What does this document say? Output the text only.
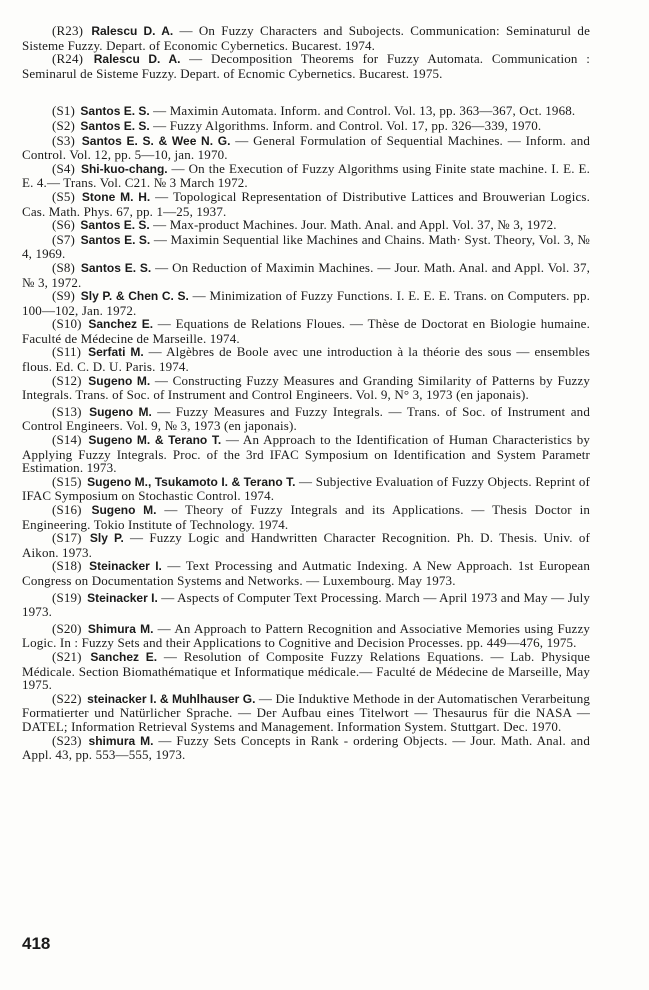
(R23) Ralescu D. A. — On Fuzzy Characters and Subojects. Communication: Seminaturul de Sisteme Fuzzy. Depart. of Economic Cybernetics. Bucarest. 1974.

(R24) Ralescu D. A. — Decomposition Theorems for Fuzzy Automata. Communication : Seminarul de Sisteme Fuzzy. Depart. of Ecnomic Cybernetics. Bucarest. 1975.

(S1) Santos E. S. — Maximin Automata. Inform. and Control. Vol. 13, pp. 363—367, Oct. 1968.

(S2) Santos E. S. — Fuzzy Algorithms. Inform. and Control. Vol. 17, pp. 326—339, 1970.

(S3) Santos E. S. & Wee N. G. — General Formulation of Sequential Machines. — Inform. and Control. Vol. 12, pp. 5—10, jan. 1970.

(S4) Shi-kuo-chang. — On the Execution of Fuzzy Algorithms using Finite state machine. I. E. E. E. 4.— Trans. Vol. C21. № 3 March 1972.

(S5) Stone M. H. — Topological Representation of Distributive Lattices and Brouwerian Logics. Cas. Math. Phys. 67, pp. 1—25, 1937.

(S6) Santos E. S. — Max-product Machines. Jour. Math. Anal. and Appl. Vol. 37, № 3, 1972.

(S7) Santos E. S. — Maximin Sequential like Machines and Chains. Math· Syst. Theory, Vol. 3, № 4, 1969.

(S8) Santos E. S. — On Reduction of Maximin Machines. — Jour. Math. Anal. and Appl. Vol. 37, № 3, 1972.

(S9) Sly P. & Chen C. S. — Minimization of Fuzzy Functions. I. E. E. E. Trans. on Computers. pp. 100—102, Jan. 1972.

(S10) Sanchez E. — Equations de Relations Floues. — Thèse de Doctorat en Biologie humaine. Faculté de Médecine de Marseille. 1974.

(S11) Serfati M. — Algèbres de Boole avec une introduction à la théorie des sous — ensembles flous. Ed. C. D. U. Paris. 1974.

(S12) Sugeno M. — Constructing Fuzzy Measures and Granding Similarity of Patterns by Fuzzy Integrals. Trans. of Soc. of Instrument and Control Engineers. Vol. 9, N° 3, 1973 (en japonais).

(S13) Sugeno M. — Fuzzy Measures and Fuzzy Integrals. — Trans. of Soc. of Instrument and Control Engineers. Vol. 9, № 3, 1973 (en japonais).

(S14) Sugeno M. & Terano T. — An Approach to the Identification of Human Characteristics by Applying Fuzzy Integrals. Proc. of the 3rd IFAC Symposium on Identification and System Parametr Estimation. 1973.

(S15) Sugeno M., Tsukamoto I. & Terano T. — Subjective Evaluation of Fuzzy Objects. Reprint of IFAC Symposium on Stochastic Control. 1974.

(S16) Sugeno M. — Theory of Fuzzy Integrals and its Applications. — Thesis Doctor in Engineering. Tokio Institute of Technology. 1974.

(S17) Sly P. — Fuzzy Logic and Handwritten Character Recognition. Ph. D. Thesis. Univ. of Aikon. 1973.

(S18) Steinacker I. — Text Processing and Autmatic Indexing. A New Approach. 1st European Congress on Documentation Systems and Networks. — Luxembourg. May 1973.

(S19) Steinacker I. — Aspects of Computer Text Processing. March — April 1973 and May — July 1973.

(S20) Shimura M. — An Approach to Pattern Recognition and Associative Memories using Fuzzy Logic. In : Fuzzy Sets and their Applications to Cognitive and Decision Processes. pp. 449—476, 1975.

(S21) Sanchez E. — Resolution of Composite Fuzzy Relations Equations. — Lab. Physique Médicale. Section Biomathématique et Informatique médicale.— Faculté de Médecine de Marseille, May 1975.

(S22) steinacker I. & Muhlhauser G. — Die Induktive Methode in der Automatischen Verarbeitung Formatierter und Natürlicher Sprache. — Der Aufbau eines Titelwort — Thesaurus für die NASA — DATEL; Information Retrieval Systems and Management. Information System. Stuttgart. Dec. 1970.

(S23) shimura M. — Fuzzy Sets Concepts in Rank - ordering Objects. — Jour. Math. Anal. and Appl. 43, pp. 553—555, 1973.

418
